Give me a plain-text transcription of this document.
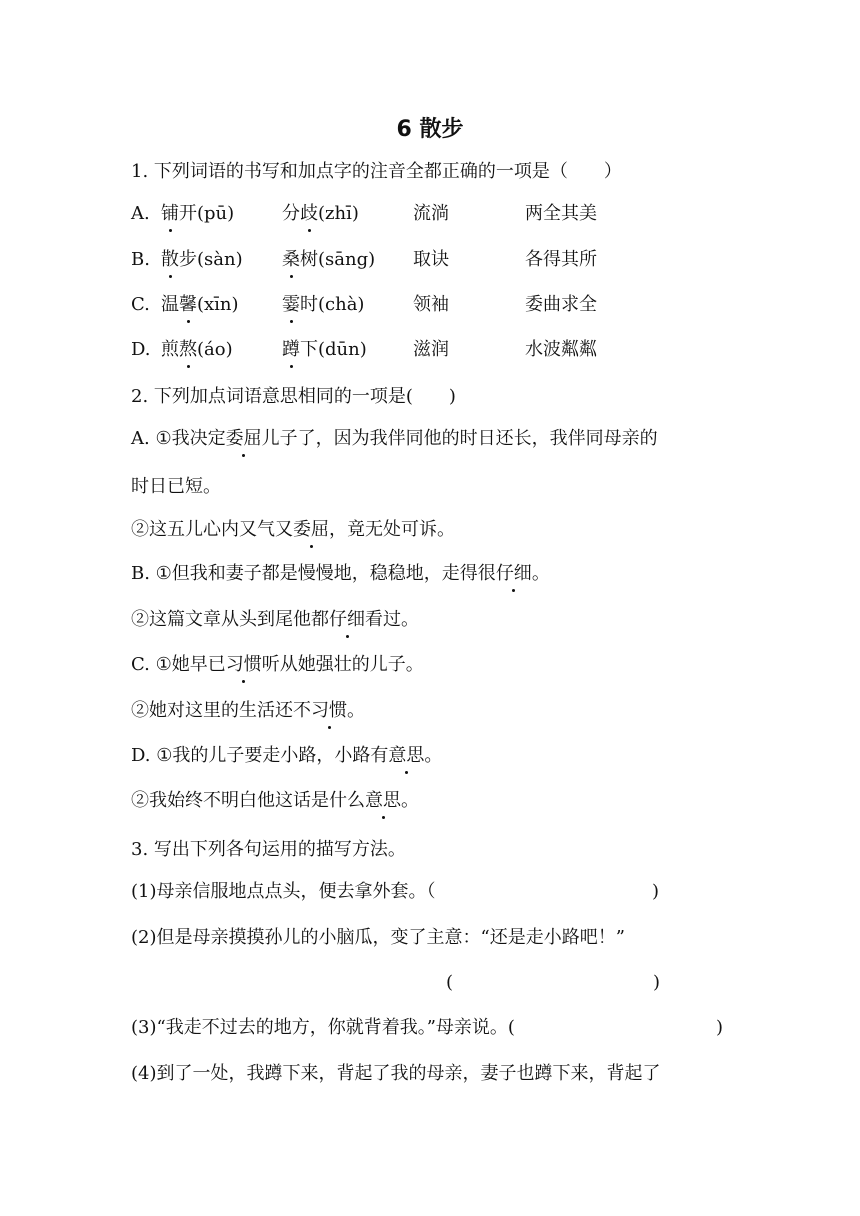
6 散步
1. 下列词语的书写和加点字的注音全都正确的一项是（　　）
A. 铺开(pū)	分歧(zhī)	流淌	两全其美
B. 散步(sàn) 桑树(sāng) 取诀	各得其所
C. 温馨(xīn) 霎时(chà)	领袖	委曲求全
D. 煎熬(áo)	蹲下(dūn)	滋润	水波粼粼
2. 下列加点词语意思相同的一项是(　　)
A. ①我决定委屈儿子了，因为我伴同他的时日还长，我伴同母亲的
时日已短。
②这五儿心内又气又委屈，竟无处可诉。
B. ①但我和妻子都是慢慢地，稳稳地，走得很仔细。
②这篇文章从头到尾他都仔细看过。
C. ①她早已习惯听从她强壮的儿子。
②她对这里的生活还不习惯。
D. ①我的儿子要走小路，小路有意思。
②我始终不明白他这话是什么意思。
3. 写出下列各句运用的描写方法。
(1)母亲信服地点点头，便去拿外套。（	)
(2)但是母亲摸摸孙儿的小脑瓜，变了主意：“还是走小路吧！”
(	)
(3)“我走不过去的地方，你就背着我。”母亲说。(	)
(4)到了一处，我蹲下来，背起了我的母亲，妻子也蹲下来，背起了
